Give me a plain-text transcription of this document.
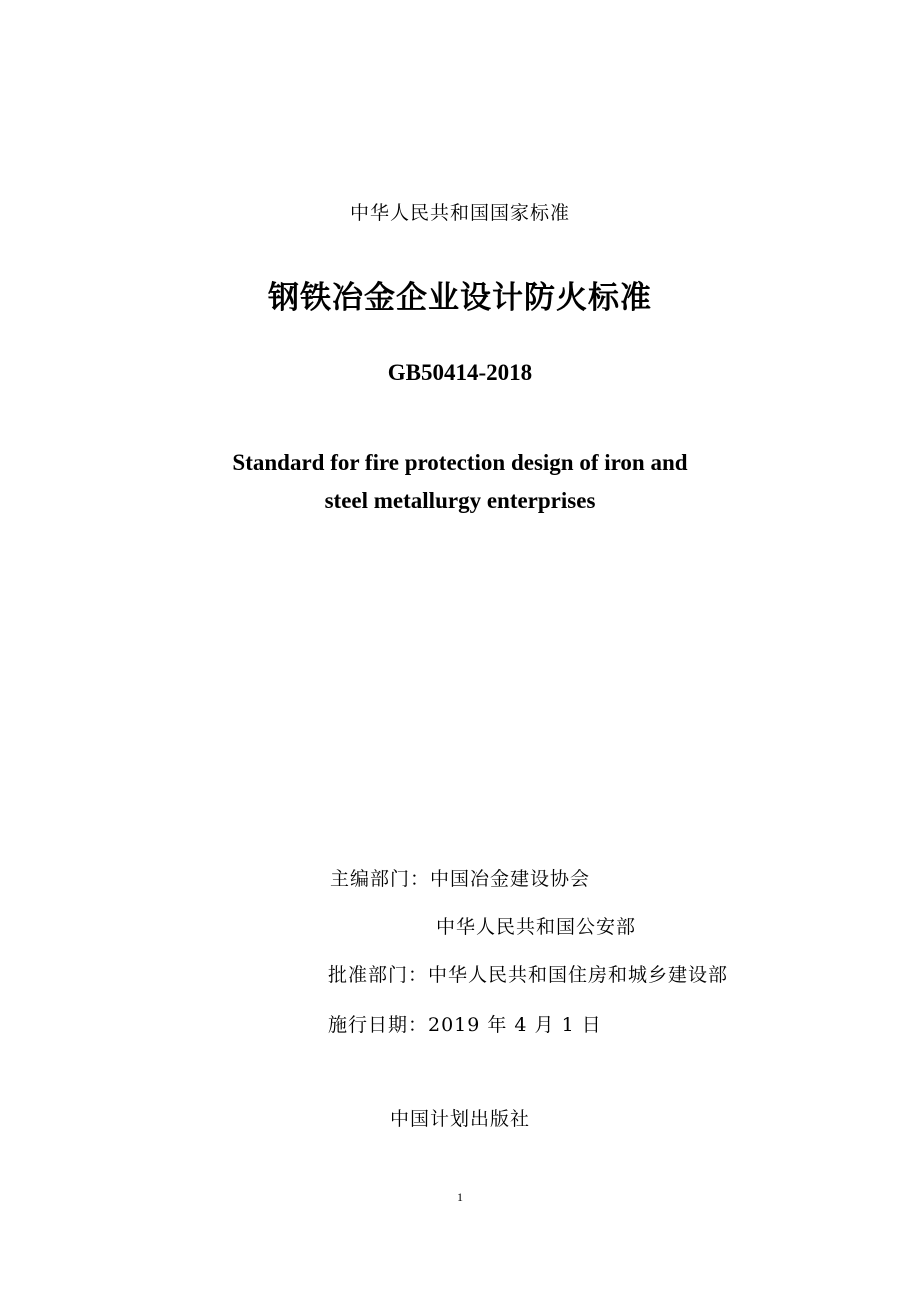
中华人民共和国国家标准
钢铁冶金企业设计防火标准
GB50414-2018
Standard for fire protection design of iron and
steel metallurgy enterprises
主编部门：中国冶金建设协会
中华人民共和国公安部
批准部门：中华人民共和国住房和城乡建设部
施行日期：2019 年 4 月 1 日
中国计划出版社
1
